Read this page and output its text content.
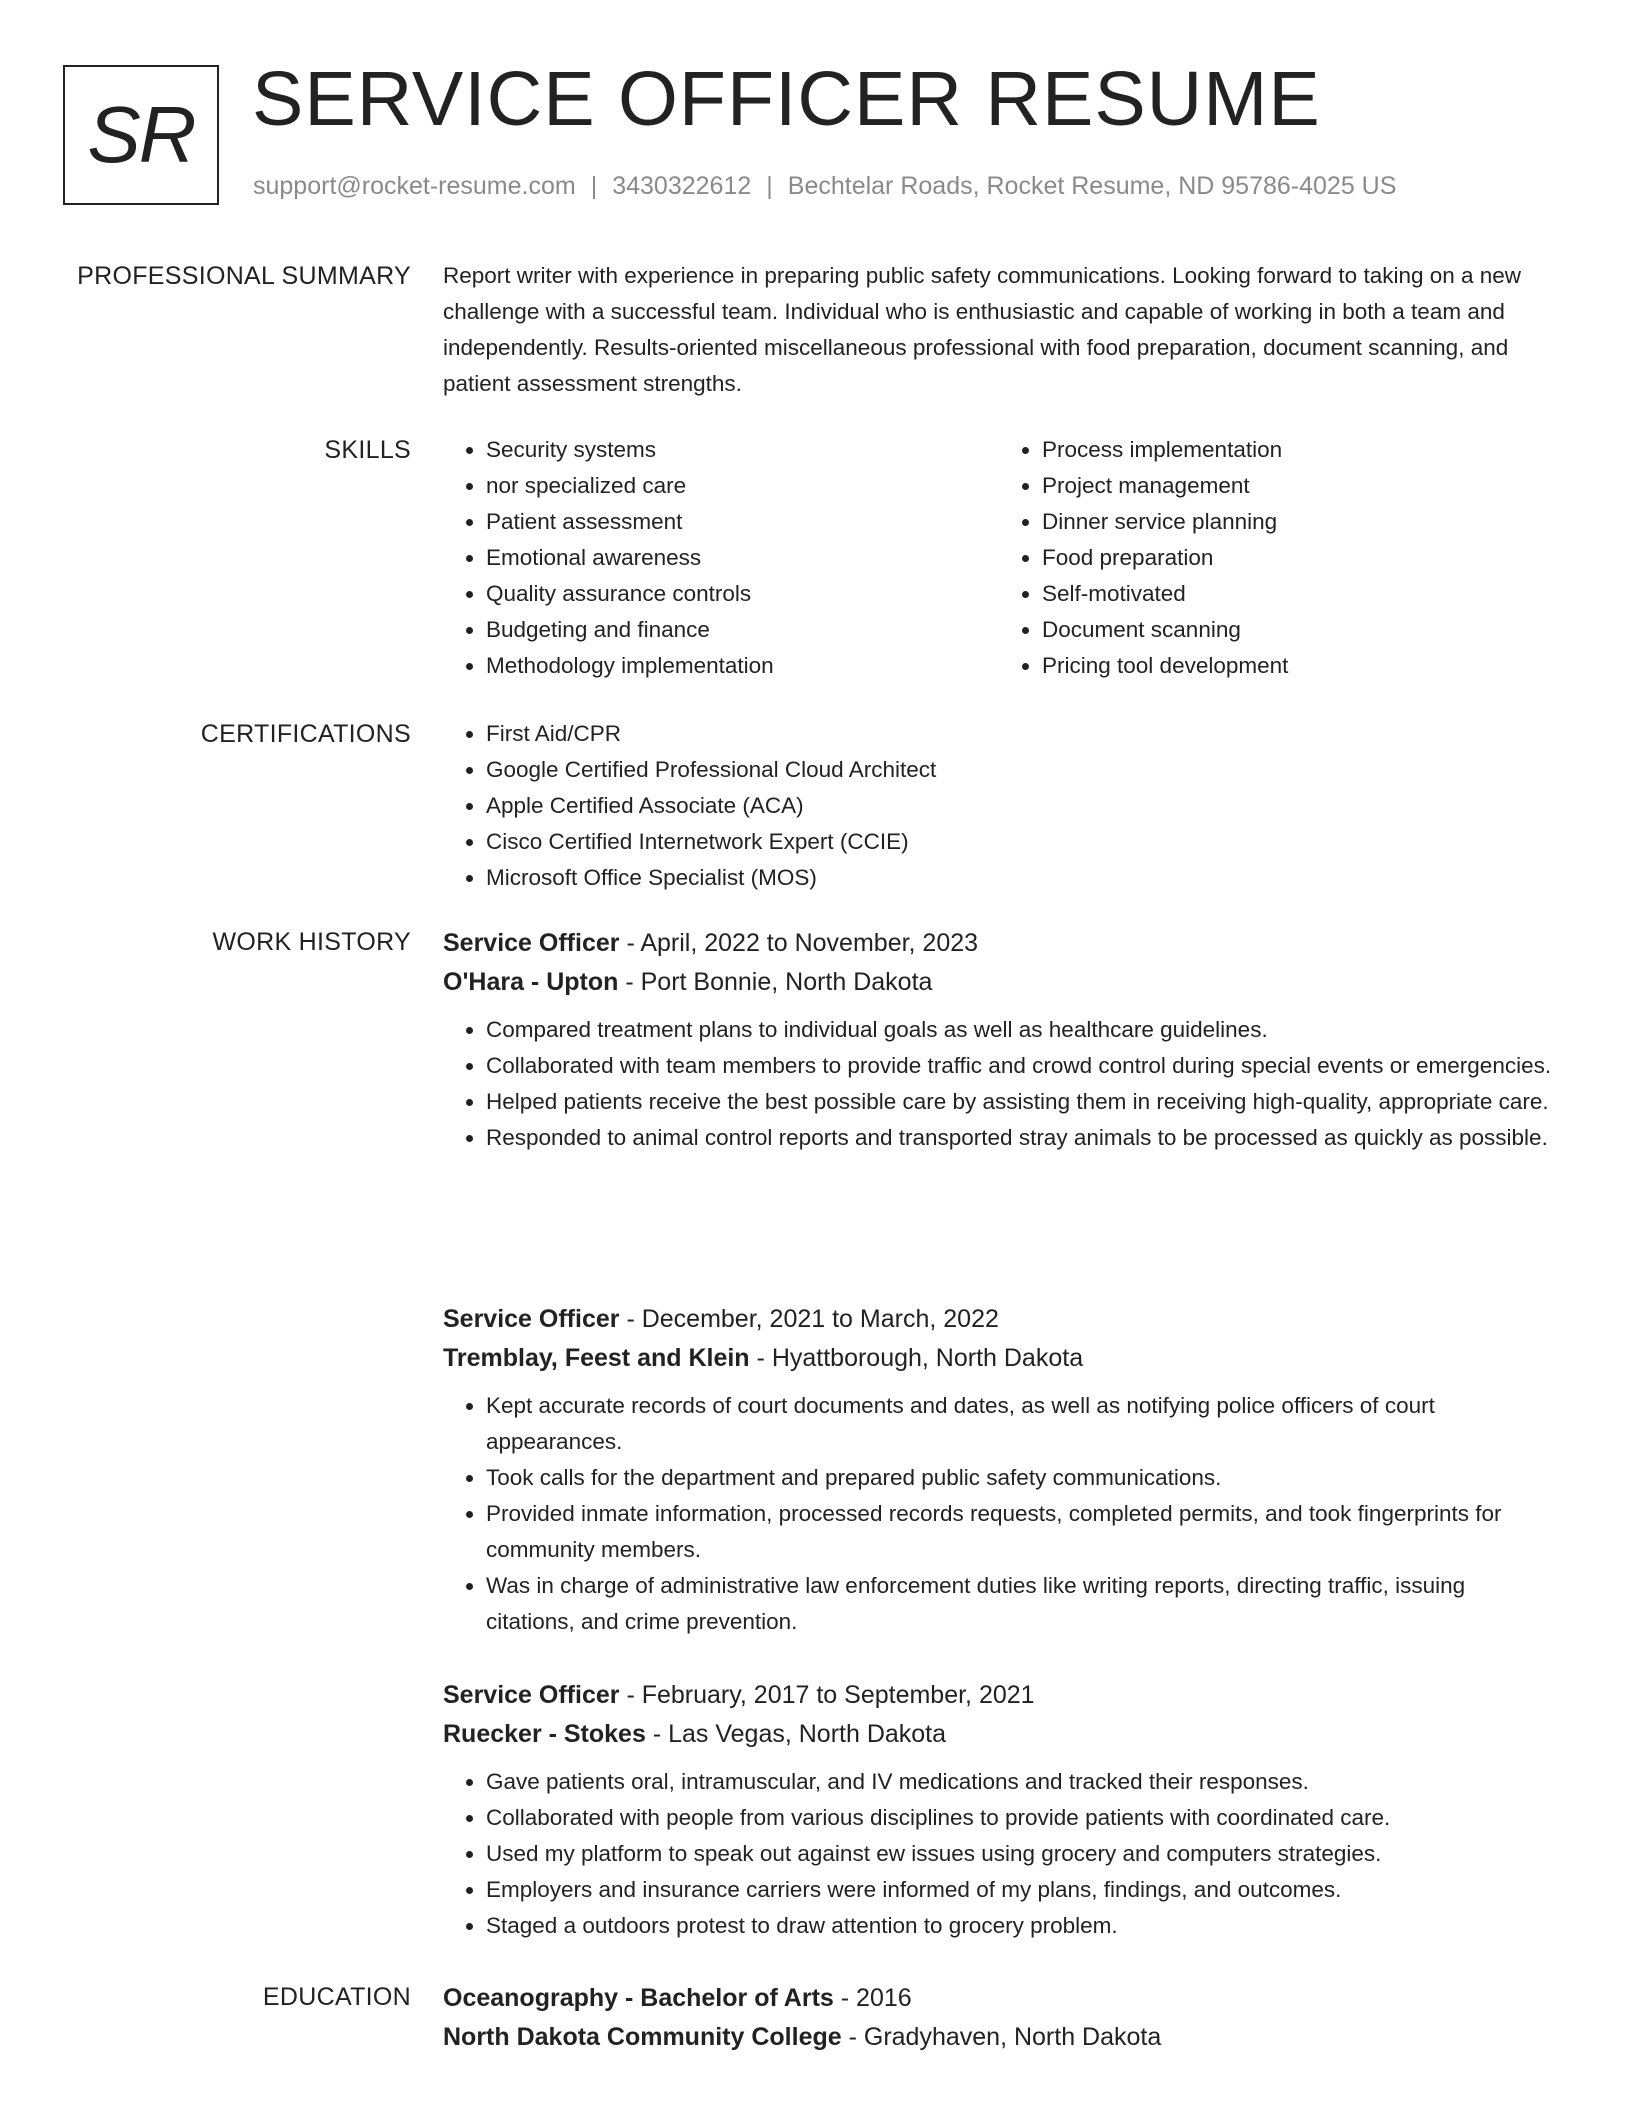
SR SERVICE OFFICER RESUME
support@rocket-resume.com | 3430322612 | Bechtelar Roads, Rocket Resume, ND 95786-4025 US
PROFESSIONAL SUMMARY Report writer with experience in preparing public safety communications. Looking forward to taking on a new challenge with a successful team. Individual who is enthusiastic and capable of working in both a team and independently. Results-oriented miscellaneous professional with food preparation, document scanning, and patient assessment strengths.
SKILLS	• Security systems
• nor specialized care
• Patient assessment
• Emotional awareness
• Quality assurance controls
• Budgeting and finance
• Methodology implementation
• Process implementation
• Project management
• Dinner service planning
• Food preparation
• Self-motivated
• Document scanning
• Pricing tool development
CERTIFICATIONS	• First Aid/CPR
• Google Certified Professional Cloud Architect
• Apple Certified Associate (ACA)
• Cisco Certified Internetwork Expert (CCIE)
• Microsoft Office Specialist (MOS)
WORK HISTORY Service Officer - April, 2022 to November, 2023
O'Hara - Upton - Port Bonnie, North Dakota
• Compared treatment plans to individual goals as well as healthcare guidelines.
• Collaborated with team members to provide traffic and crowd control during special events or emergencies.
• Helped patients receive the best possible care by assisting them in receiving high-quality, appropriate care.
• Responded to animal control reports and transported stray animals to be processed as quickly as possible.
Service Officer - December, 2021 to March, 2022
Tremblay, Feest and Klein - Hyattborough, North Dakota
• Kept accurate records of court documents and dates, as well as notifying police officers of court appearances.
• Took calls for the department and prepared public safety communications.
• Provided inmate information, processed records requests, completed permits, and took fingerprints for community members.
• Was in charge of administrative law enforcement duties like writing reports, directing traffic, issuing citations, and crime prevention.
Service Officer - February, 2017 to September, 2021
Ruecker - Stokes - Las Vegas, North Dakota
• Gave patients oral, intramuscular, and IV medications and tracked their responses.
• Collaborated with people from various disciplines to provide patients with coordinated care.
• Used my platform to speak out against ew issues using grocery and computers strategies.
• Employers and insurance carriers were informed of my plans, findings, and outcomes.
• Staged a outdoors protest to draw attention to grocery problem.
EDUCATION Oceanography - Bachelor of Arts - 2016
North Dakota Community College - Gradyhaven, North Dakota
